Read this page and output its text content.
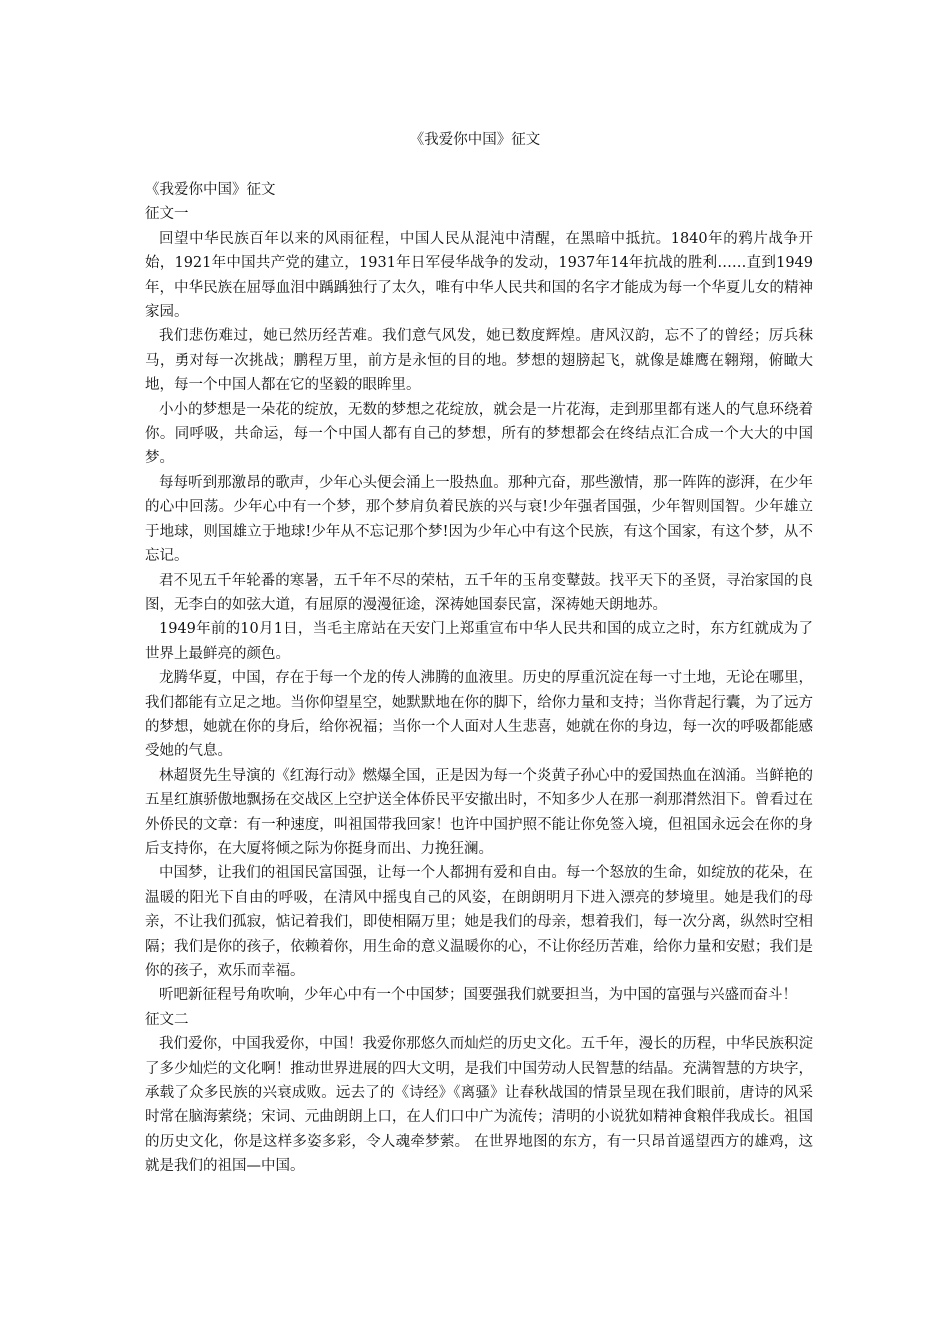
《我爱你中国》征文

《我爱你中国》征文

征文一

回望中华民族百年以来的风雨征程，中国人民从混沌中清醒，在黑暗中抵抗。1840年的鸦片战争开始，1921年中国共产党的建立，1931年日军侵华战争的发动，1937年14年抗战的胜利……直到1949年，中华民族在屈辱血泪中踽踽独行了太久，唯有中华人民共和国的名字才能成为每一个华夏儿女的精神家园。

我们悲伤难过，她已然历经苦难。我们意气风发，她已数度辉煌。唐风汉韵，忘不了的曾经；厉兵秣马，勇对每一次挑战；鹏程万里，前方是永恒的目的地。梦想的翅膀起飞，就像是雄鹰在翱翔，俯瞰大地，每一个中国人都在它的坚毅的眼眸里。

小小的梦想是一朵花的绽放，无数的梦想之花绽放，就会是一片花海，走到那里都有迷人的气息环绕着你。同呼吸，共命运，每一个中国人都有自己的梦想，所有的梦想都会在终结点汇合成一个大大的中国梦。

每每听到那激昂的歌声，少年心头便会涌上一股热血。那种亢奋，那些激情，那一阵阵的澎湃，在少年的心中回荡。少年心中有一个梦，那个梦肩负着民族的兴与衰!少年强者国强，少年智则国智。少年雄立于地球，则国雄立于地球!少年从不忘记那个梦!因为少年心中有这个民族，有这个国家，有这个梦，从不忘记。

君不见五千年轮番的寒暑，五千年不尽的荣枯，五千年的玉帛变鼙鼓。找平天下的圣贤，寻治家国的良图，无李白的如弦大道，有屈原的漫漫征途，深祷她国泰民富，深祷她天朗地苏。

1949年前的10月1日，当毛主席站在天安门上郑重宣布中华人民共和国的成立之时，东方红就成为了世界上最鲜亮的颜色。

龙腾华夏，中国，存在于每一个龙的传人沸腾的血液里。历史的厚重沉淀在每一寸土地，无论在哪里，我们都能有立足之地。当你仰望星空，她默默地在你的脚下，给你力量和支持；当你背起行囊，为了远方的梦想，她就在你的身后，给你祝福；当你一个人面对人生悲喜，她就在你的身边，每一次的呼吸都能感受她的气息。

林超贤先生导演的《红海行动》燃爆全国，正是因为每一个炎黄子孙心中的爱国热血在汹涌。当鲜艳的五星红旗骄傲地飘扬在交战区上空护送全体侨民平安撤出时，不知多少人在那一刹那潸然泪下。曾看过在外侨民的文章：有一种速度，叫祖国带我回家！也许中国护照不能让你免签入境，但祖国永远会在你的身后支持你，在大厦将倾之际为你挺身而出、力挽狂澜。

中国梦，让我们的祖国民富国强，让每一个人都拥有爱和自由。每一个怒放的生命，如绽放的花朵，在温暖的阳光下自由的呼吸，在清风中摇曳自己的风姿，在朗朗明月下进入漂亮的梦境里。她是我们的母亲，不让我们孤寂，惦记着我们，即使相隔万里；她是我们的母亲，想着我们，每一次分离，纵然时空相隔；我们是你的孩子，依赖着你，用生命的意义温暖你的心，不让你经历苦难，给你力量和安慰；我们是你的孩子，欢乐而幸福。

听吧新征程号角吹响，少年心中有一个中国梦；国要强我们就要担当，为中国的富强与兴盛而奋斗！

征文二

我们爱你，中国我爱你，中国！我爱你那悠久而灿烂的历史文化。五千年，漫长的历程，中华民族积淀了多少灿烂的文化啊！推动世界进展的四大文明，是我们中国劳动人民智慧的结晶。充满智慧的方块字，承载了众多民族的兴衰成败。远去了的《诗经》《离骚》让春秋战国的情景呈现在我们眼前，唐诗的风采时常在脑海萦绕；宋词、元曲朗朗上口，在人们口中广为流传；清明的小说犹如精神食粮伴我成长。祖国的历史文化，你是这样多姿多彩，令人魂牵梦萦。 在世界地图的东方，有一只昂首遥望西方的雄鸡，这就是我们的祖国—中国。
